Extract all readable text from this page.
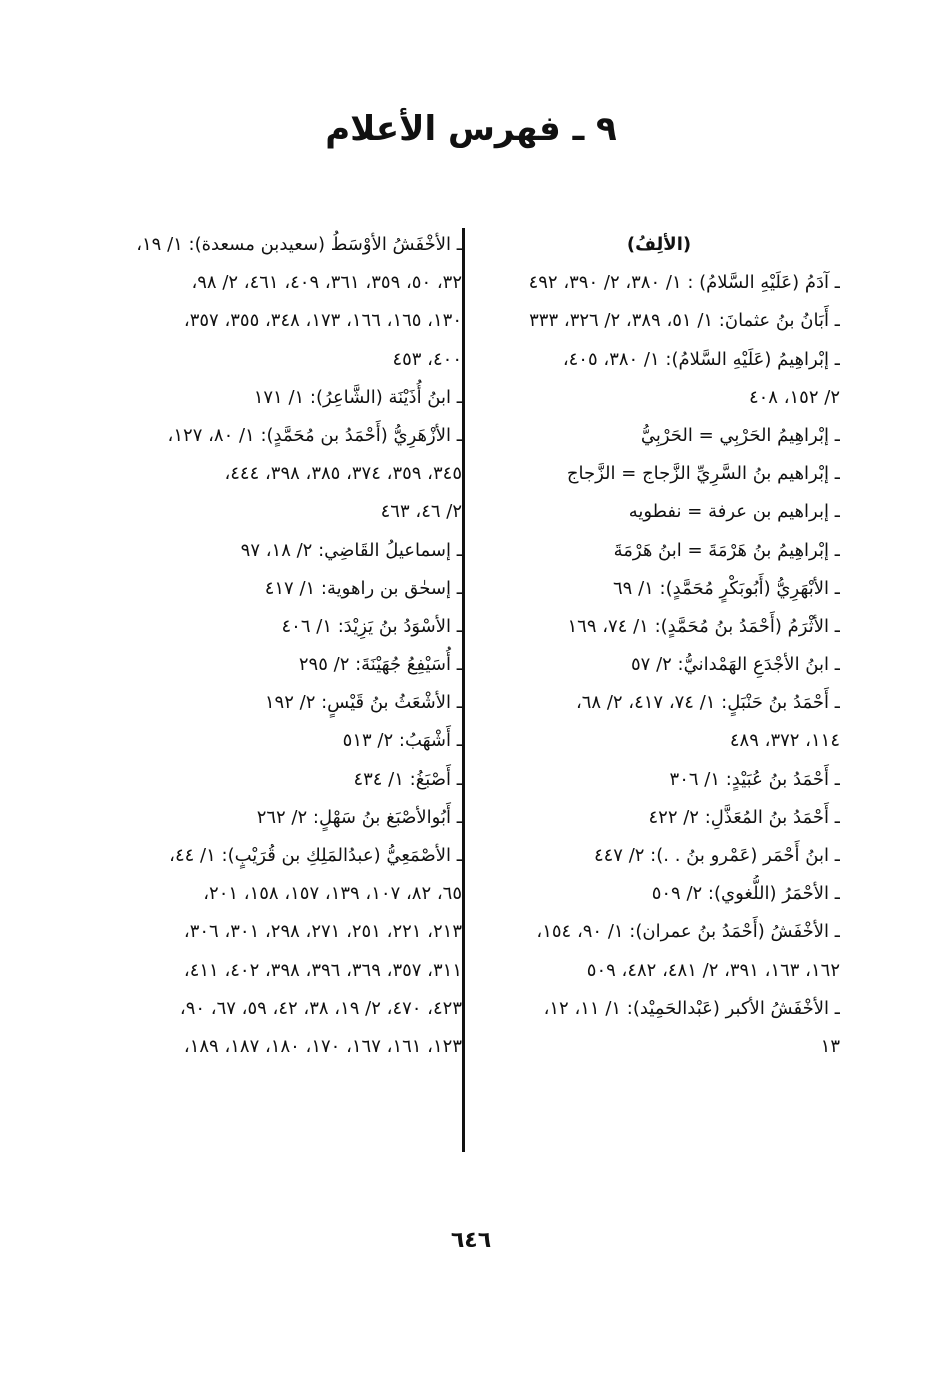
٩ ـ فهرس الأعلام
(الألِفُ)
ـ آدَمُ (عَلَيْهِ السَّلامُ) : ١/ ٣٨٠، ٢/ ٣٩٠، ٤٩٢
ـ أَبَانُ بنُ عثمانَ: ١/ ٥١، ٣٨٩، ٢/ ٣٢٦، ٣٣٣
ـ إبْراهِيمُ (عَلَيْهِ السَّلامُ): ١/ ٣٨٠، ٤٠٥،
٢/ ١٥٢، ٤٠٨
ـ إبْراهِيمُ الحَرْبِي = الحَرْبِيُّ
ـ إبْراهيم بنُ السَّرِيِّ الزَّجاج = الزَّجاج
ـ إبراهيم بن عرفة = نفطويه
ـ إبْراهِيمُ بنُ هَرْمَةَ = ابنُ هَرْمَةَ
ـ الأبْهَرِيُّ (أَبُوبَكْرٍ مُحَمَّدٍ): ١/ ٦٩
ـ الأثْرَمُ (أَحْمَدُ بنُ مُحَمَّدٍ): ١/ ٧٤، ١٦٩
ـ ابنُ الأجْدَعِ الهَمْدانيُّ: ٢/ ٥٧
ـ أَحْمَدُ بنُ حَنْبَلٍ: ١/ ٧٤، ٤١٧، ٢/ ٦٨،
١١٤، ٣٧٢، ٤٨٩
ـ أَحْمَدُ بنُ عُبَيْدٍ: ١/ ٣٠٦
ـ أَحْمَدُ بنُ المُعَذَّلِ: ٢/ ٤٢٢
ـ ابنُ أَحْمَر (عَمْرو بنُ . .): ٢/ ٤٤٧
ـ الأحْمَرُ (اللُّغوي): ٢/ ٥٠٩
ـ الأخْفَشُ (أَحْمَدُ بنُ عمران): ١/ ٩٠، ١٥٤،
١٦٢، ١٦٣، ٣٩١، ٢/ ٤٨١، ٤٨٢، ٥٠٩
ـ الأخْفَشُ الأكبر (عَبْدالحَمِيْد): ١/ ١١، ١٢،
١٣
ـ الأخْفَشُ الأوْسَطُ (سعيدبن مسعدة): ١/ ١٩،
٣٢، ٥٠، ٣٥٩، ٣٦١، ٤٠٩، ٤٦١، ٢/ ٩٨،
١٣٠، ١٦٥، ١٦٦، ١٧٣، ٣٤٨، ٣٥٥، ٣٥٧،
٤٠٠، ٤٥٣
ـ ابنُ أُذَيْنَة (الشَّاعِرُ): ١/ ١٧١
ـ الأزْهَرِيُّ (أَحْمَدُ بن مُحَمَّدٍ): ١/ ٨٠، ١٢٧،
٣٤٥، ٣٥٩، ٣٧٤، ٣٨٥، ٣٩٨، ٤٤٤،
٢/ ٤٦، ٤٦٣
ـ إسماعيلُ القَاضِي: ٢/ ١٨، ٩٧
ـ إسحٰق بن راهوية: ١/ ٤١٧
ـ الأسْوَدُ بنُ يَزِيْدَ: ١/ ٤٠٦
ـ أُسَيْفِعُ جُهَيْنَةَ: ٢/ ٢٩٥
ـ الأشْعَثُ بنُ قَيْسٍ: ٢/ ١٩٢
ـ أَشْهَبُ: ٢/ ٥١٣
ـ أَصْبَغُ: ١/ ٤٣٤
ـ أَبُوالأصْبَغ بنُ سَهْلٍ: ٢/ ٢٦٢
ـ الأصْمَعِيُّ (عبدُالمَلِكِ بن قُرَيْبٍ): ١/ ٤٤،
٦٥، ٨٢، ١٠٧، ١٣٩، ١٥٧، ١٥٨، ٢٠١،
٢١٣، ٢٢١، ٢٥١، ٢٧١، ٢٩٨، ٣٠١، ٣٠٦،
٣١١، ٣٥٧، ٣٦٩، ٣٩٦، ٣٩٨، ٤٠٢، ٤١١،
٤٢٣، ٤٧٠، ٢/ ١٩، ٣٨، ٤٢، ٥٩، ٦٧، ٩٠،
١٢٣، ١٦١، ١٦٧، ١٧٠، ١٨٠، ١٨٧، ١٨٩،
٦٤٦
